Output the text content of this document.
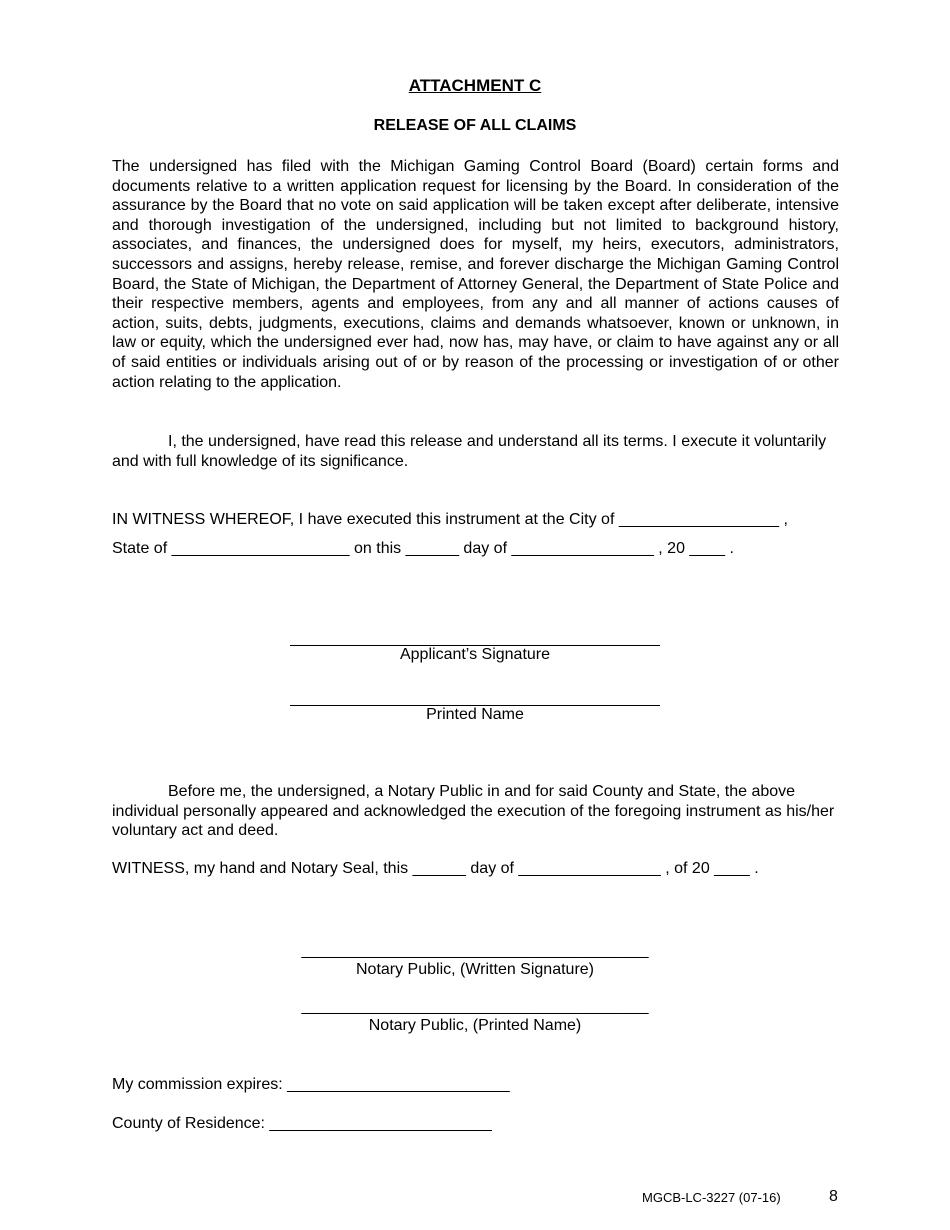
ATTACHMENT C
RELEASE OF ALL CLAIMS
The undersigned has filed with the Michigan Gaming Control Board (Board) certain forms and documents relative to a written application request for licensing by the Board. In consideration of the assurance by the Board that no vote on said application will be taken except after deliberate, intensive and thorough investigation of the undersigned, including but not limited to background history, associates, and finances, the undersigned does for myself, my heirs, executors, administrators, successors and assigns, hereby release, remise, and forever discharge the Michigan Gaming Control Board, the State of Michigan, the Department of Attorney General, the Department of State Police and their respective members, agents and employees, from any and all manner of actions causes of action, suits, debts, judgments, executions, claims and demands whatsoever, known or unknown, in law or equity, which the undersigned ever had, now has, may have, or claim to have against any or all of said entities or individuals arising out of or by reason of the processing or investigation of or other action relating to the application.
I, the undersigned, have read this release and understand all its terms. I execute it voluntarily and with full knowledge of its significance.
IN WITNESS WHEREOF, I have executed this instrument at the City of __________________ ,
State of ____________________ on this ______ day of ________________ , 20 ____ .
Applicant’s Signature
Printed Name
Before me, the undersigned, a Notary Public in and for said County and State, the above individual personally appeared and acknowledged the execution of the foregoing instrument as his/her voluntary act and deed.
WITNESS, my hand and Notary Seal, this ______ day of ________________ , of 20 ____ .
_______________________________________
Notary Public, (Written Signature)
_______________________________________
Notary Public, (Printed Name)
My commission expires: _________________________
County of Residence: _________________________
MGCB-LC-3227 (07-16)	8
